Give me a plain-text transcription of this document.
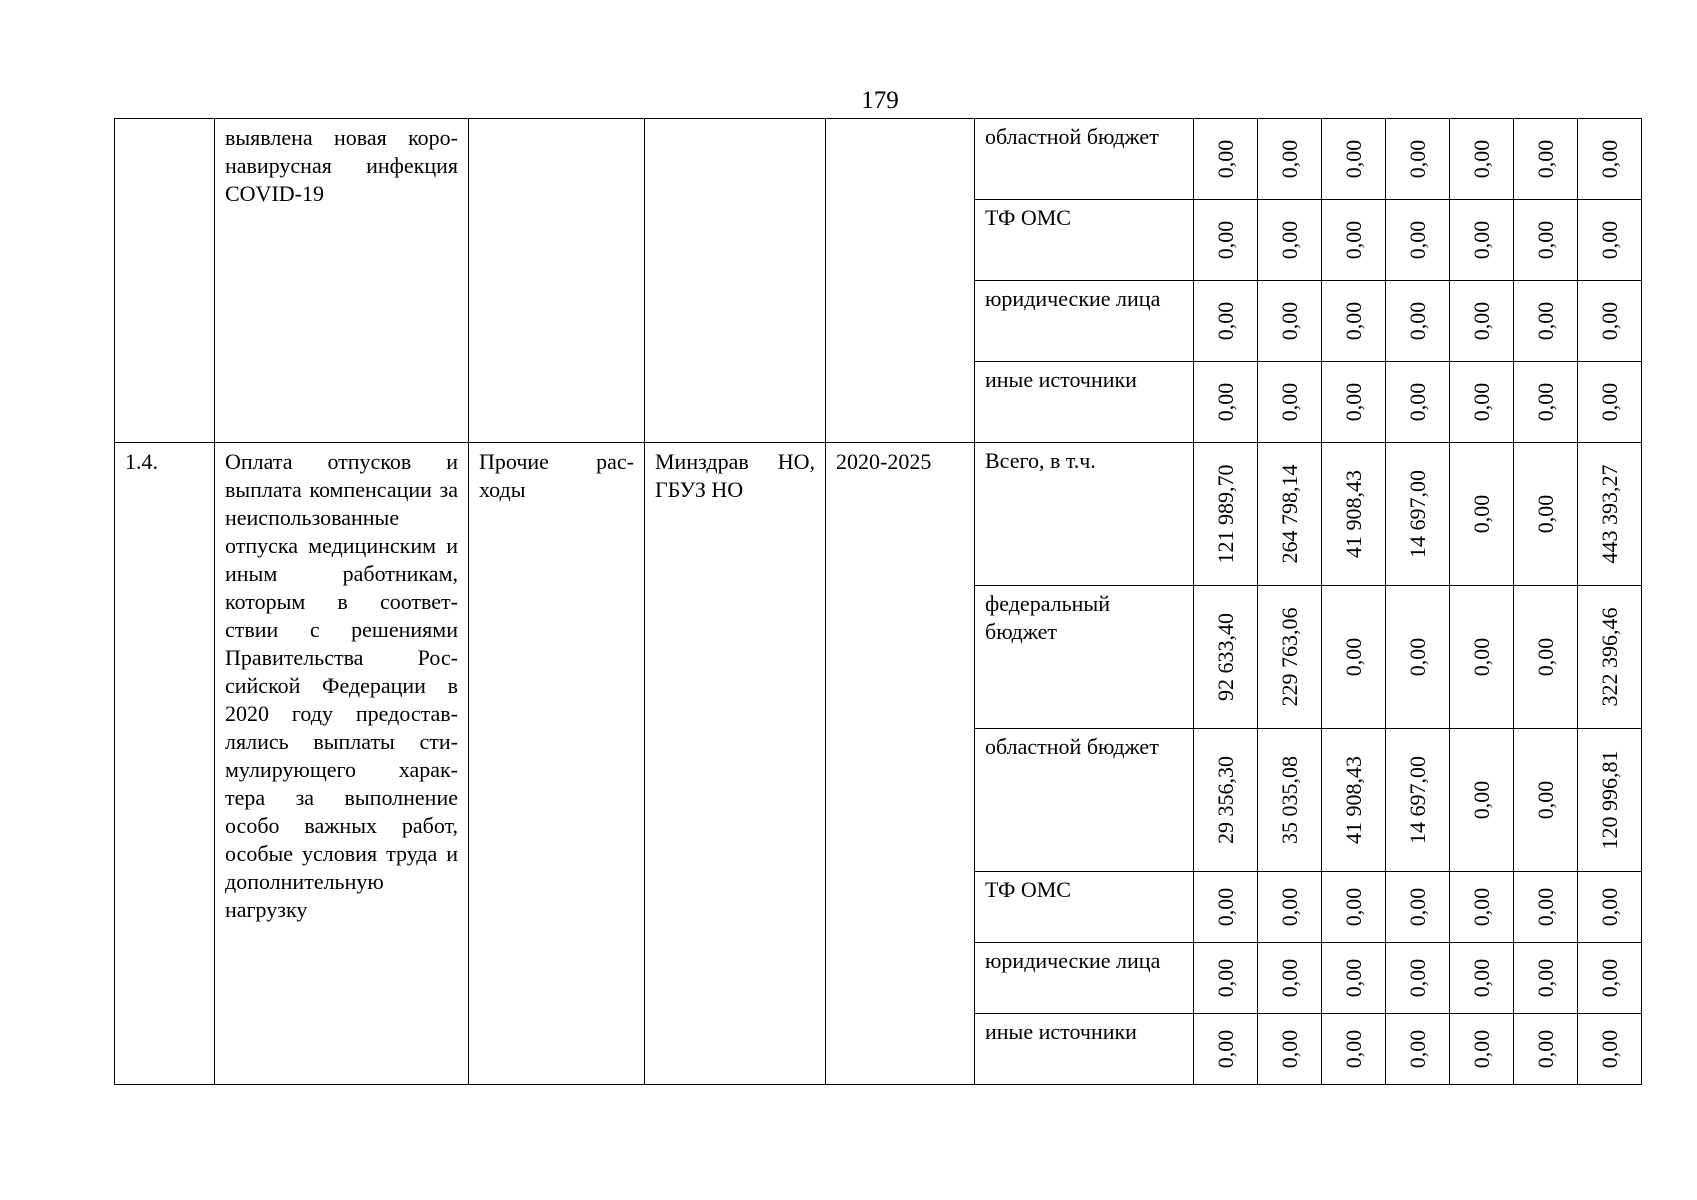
179

	выявлена новая коро-навирусная инфекция COVID-19				областной бюджет	0,00	0,00	0,00	0,00	0,00	0,00	0,00

					ТФ ОМС	0,00	0,00	0,00	0,00	0,00	0,00	0,00

					юридические лица	0,00	0,00	0,00	0,00	0,00	0,00	0,00

					иные источники	0,00	0,00	0,00	0,00	0,00	0,00	0,00

1.4.	Оплата отпусков и выплата компенсации за неиспользованные отпуска медицинским и иным работникам, которым в соответ-ствии с решениями Правительства Рос-сийской Федерации в 2020 году предостав-лялись выплаты сти-мулирующего харак-тера за выполнение особо важных работ, особые условия труда и дополнительную нагрузку	Прочие рас-ходы	Минздрав НО, ГБУЗ НО	2020-2025	Всего, в т.ч.	121 989,70	264 798,14	41 908,43	14 697,00	0,00	0,00	443 393,27

					федеральный бюджет	92 633,40	229 763,06	0,00	0,00	0,00	0,00	322 396,46

					областной бюджет	29 356,30	35 035,08	41 908,43	14 697,00	0,00	0,00	120 996,81

					ТФ ОМС	0,00	0,00	0,00	0,00	0,00	0,00	0,00

					юридические лица	0,00	0,00	0,00	0,00	0,00	0,00	0,00

					иные источники	0,00	0,00	0,00	0,00	0,00	0,00	0,00
